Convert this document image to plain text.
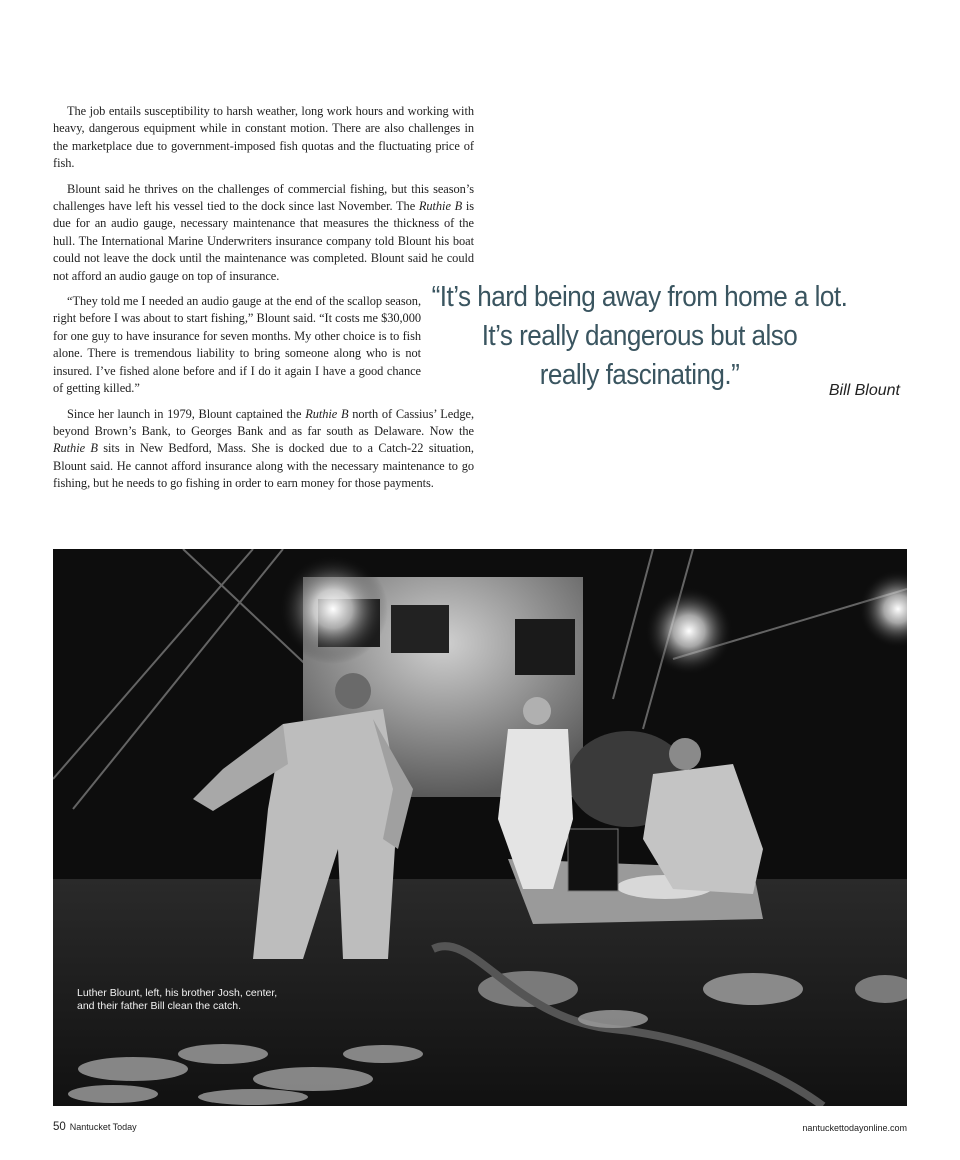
The job entails susceptibility to harsh weather, long work hours and working with heavy, dangerous equipment while in constant motion. There are also challenges in the marketplace due to government-imposed fish quotas and the fluctuating price of fish.

Blount said he thrives on the challenges of commercial fishing, but this season’s challenges have left his vessel tied to the dock since last November. The Ruthie B is due for an audio gauge, necessary maintenance that measures the thickness of the hull. The International Marine Underwriters insurance company told Blount his boat could not leave the dock until the maintenance was completed. Blount said he could not afford an audio gauge on top of insurance.

“They told me I needed an audio gauge at the end of the scallop season, right before I was about to start fishing,” Blount said. “It costs me $30,000 for one guy to have insurance for seven months. My other choice is to fish alone. There is tremendous liability to bring someone along who is not insured. I’ve fished alone before and if I do it again I have a good chance of getting killed.”

Since her launch in 1979, Blount captained the Ruthie B north of Cassius’ Ledge, beyond Brown’s Bank, to Georges Bank and as far south as Delaware. Now the Ruthie B sits in New Bedford, Mass. She is docked due to a Catch-22 situation, Blount said. He cannot afford insurance along with the necessary maintenance to go fishing, but he needs to go fishing in order to earn money for those payments.

“It’s hard being away from home a lot.
It’s really dangerous but also
really fascinating.”	Bill Blount
Luther Blount, left, his brother Josh, center,
and their father Bill clean the catch.
50 Nantucket Today	nantuckettodayonline.com
